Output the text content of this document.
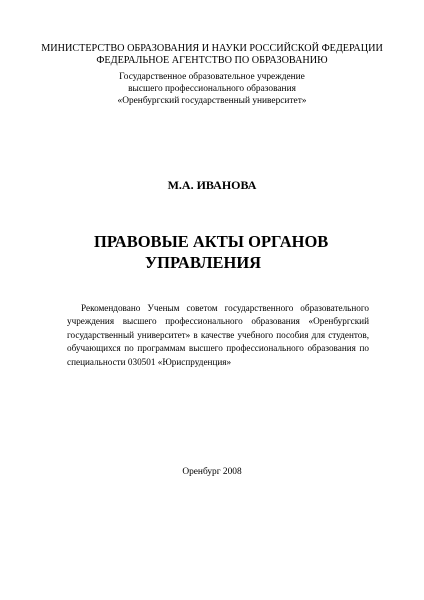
МИНИСТЕРСТВО ОБРАЗОВАНИЯ И НАУКИ РОССИЙСКОЙ ФЕДЕРАЦИИ
ФЕДЕРАЛЬНОЕ АГЕНТСТВО ПО ОБРАЗОВАНИЮ
Государственное образовательное учреждение
высшего профессионального образования
«Оренбургский государственный университет»
М.А. ИВАНОВА
ПРАВОВЫЕ АКТЫ ОРГАНОВ
УПРАВЛЕНИЯ
Рекомендовано Ученым советом государственного образовательного учреждения высшего профессионального образования «Оренбургский государственный университет» в качестве учебного пособия для студентов, обучающихся по программам высшего профессионального образования по специальности 030501 «Юриспруденция»
Оренбург 2008
